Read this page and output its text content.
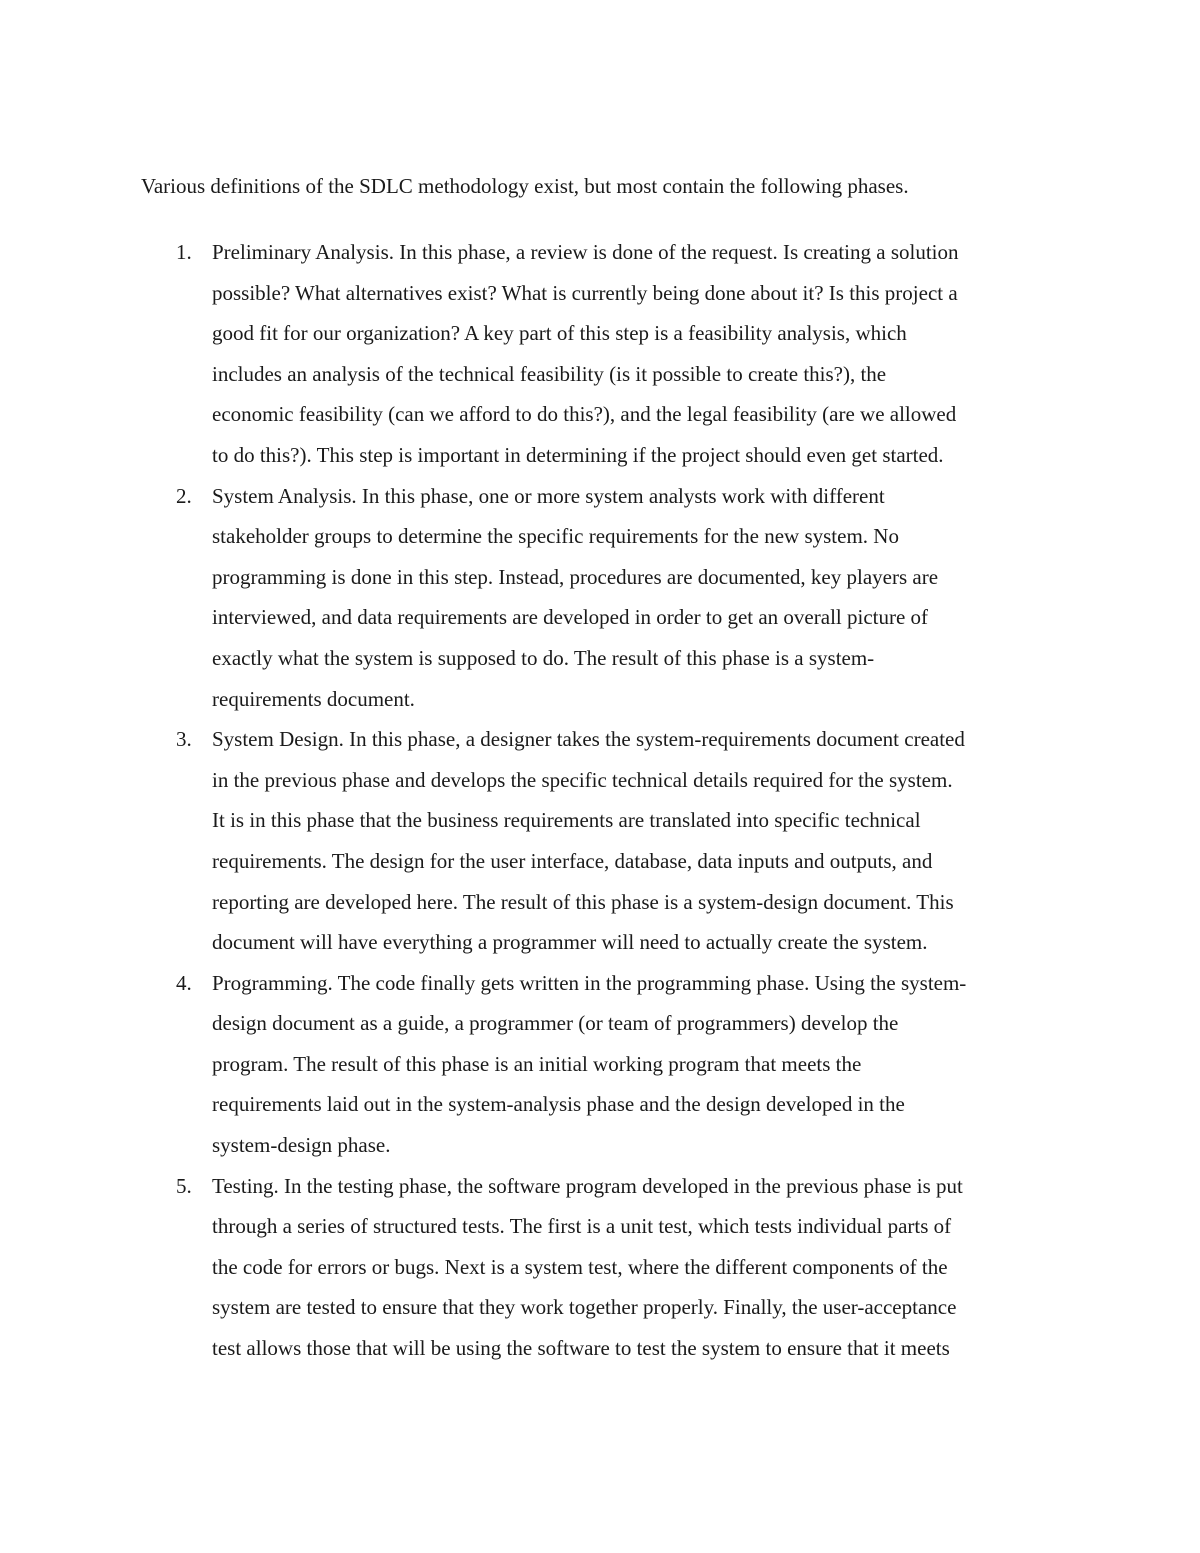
Various definitions of the SDLC methodology exist, but most contain the following phases.

1. Preliminary Analysis. In this phase, a review is done of the request. Is creating a solution
possible? What alternatives exist? What is currently being done about it? Is this project a
good fit for our organization? A key part of this step is a feasibility analysis, which
includes an analysis of the technical feasibility (is it possible to create this?), the
economic feasibility (can we afford to do this?), and the legal feasibility (are we allowed
to do this?). This step is important in determining if the project should even get started.
2. System Analysis. In this phase, one or more system analysts work with different
stakeholder groups to determine the specific requirements for the new system. No
programming is done in this step. Instead, procedures are documented, key players are
interviewed, and data requirements are developed in order to get an overall picture of
exactly what the system is supposed to do. The result of this phase is a system-
requirements document.
3. System Design. In this phase, a designer takes the system-requirements document created
in the previous phase and develops the specific technical details required for the system.
It is in this phase that the business requirements are translated into specific technical
requirements. The design for the user interface, database, data inputs and outputs, and
reporting are developed here. The result of this phase is a system-design document. This
document will have everything a programmer will need to actually create the system.
4. Programming. The code finally gets written in the programming phase. Using the system-
design document as a guide, a programmer (or team of programmers) develop the
program. The result of this phase is an initial working program that meets the
requirements laid out in the system-analysis phase and the design developed in the
system-design phase.
5. Testing. In the testing phase, the software program developed in the previous phase is put
through a series of structured tests. The first is a unit test, which tests individual parts of
the code for errors or bugs. Next is a system test, where the different components of the
system are tested to ensure that they work together properly. Finally, the user-acceptance
test allows those that will be using the software to test the system to ensure that it meets
